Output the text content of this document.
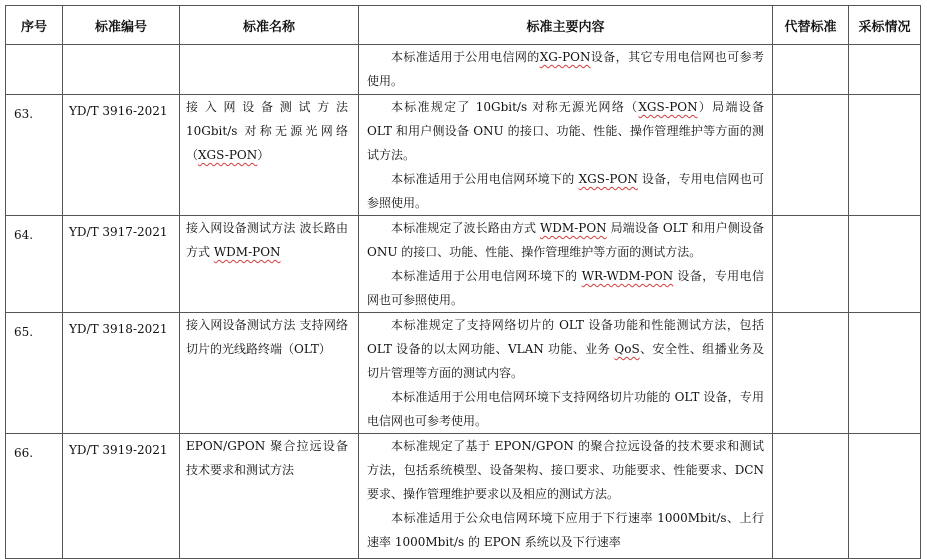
序号	标准编号	标准名称	标准主要内容	代替标准	采标情况

			本标准适用于公用电信网的XG-PON设备，其它专用电信网也可参考使用。		

63.	YD/T 3916-2021	接入网设备测试方法 10Gbit/s 对称无源光网络（XGS-PON）	本标准规定了 10Gbit/s 对称无源光网络（XGS-PON）局端设备 OLT 和用户侧设备 ONU 的接口、功能、性能、操作管理维护等方面的测试方法。

本标准适用于公用电信网环境下的 XGS-PON 设备，专用电信网也可参照使用。		

64.	YD/T 3917-2021	接入网设备测试方法 波长路由方式 WDM-PON	本标准规定了波长路由方式 WDM-PON 局端设备 OLT 和用户侧设备 ONU 的接口、功能、性能、操作管理维护等方面的测试方法。

本标准适用于公用电信网环境下的 WR-WDM-PON 设备，专用电信网也可参照使用。		

65.	YD/T 3918-2021	接入网设备测试方法 支持网络切片的光线路终端（OLT）	本标准规定了支持网络切片的 OLT 设备功能和性能测试方法，包括 OLT 设备的以太网功能、VLAN 功能、业务 QoS、安全性、组播业务及切片管理等方面的测试内容。

本标准适用于公用电信网环境下支持网络切片功能的 OLT 设备，专用电信网也可参考使用。		

66.	YD/T 3919-2021	EPON/GPON 聚合拉远设备技术要求和测试方法	本标准规定了基于 EPON/GPON 的聚合拉远设备的技术要求和测试方法，包括系统模型、设备架构、接口要求、功能要求、性能要求、DCN 要求、操作管理维护要求以及相应的测试方法。

本标准适用于公众电信网环境下应用于下行速率 1000Mbit/s、上行速率 1000Mbit/s 的 EPON 系统以及下行速率		
